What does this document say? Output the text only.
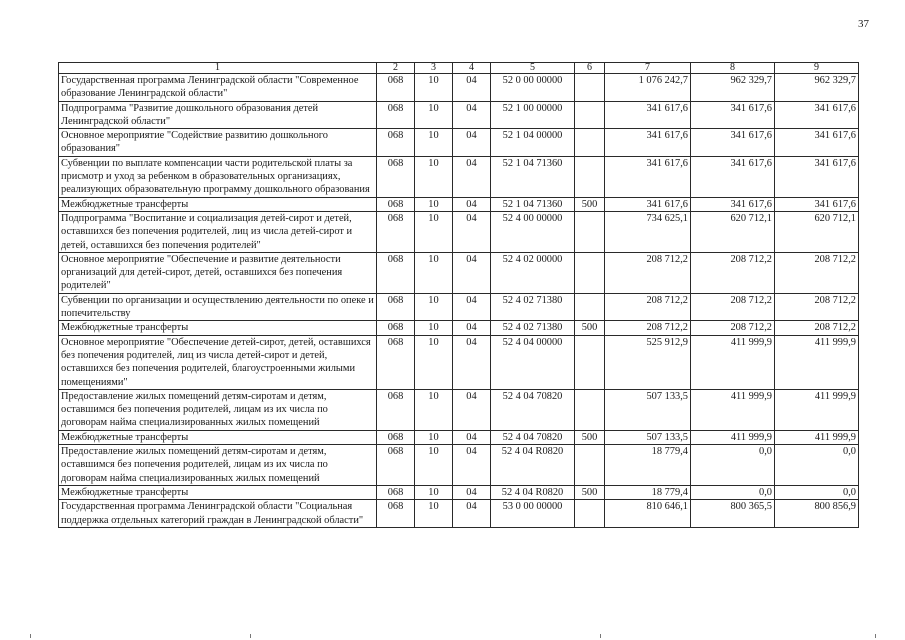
37
1	2	3	4	5	6	7	8	9
Государственная программа Ленинградской области "Современное образование Ленинградской области"	068	10	04	52 0 00 00000		1 076 242,7	962 329,7	962 329,7
Подпрограмма "Развитие дошкольного образования детей Ленинградской области"	068	10	04	52 1 00 00000		341 617,6	341 617,6	341 617,6
Основное мероприятие "Содействие развитию дошкольного образования"	068	10	04	52 1 04 00000		341 617,6	341 617,6	341 617,6
Субвенции по выплате компенсации части родительской платы за присмотр и уход за ребенком в образовательных организациях, реализующих образовательную программу дошкольного образования	068	10	04	52 1 04 71360		341 617,6	341 617,6	341 617,6
Межбюджетные трансферты	068	10	04	52 1 04 71360	500	341 617,6	341 617,6	341 617,6
Подпрограмма "Воспитание и социализация детей-сирот и детей, оставшихся без попечения родителей, лиц из числа детей-сирот и детей, оставшихся без попечения родителей"	068	10	04	52 4 00 00000		734 625,1	620 712,1	620 712,1
Основное мероприятие "Обеспечение и развитие деятельности организаций для детей-сирот, детей, оставшихся без попечения родителей"	068	10	04	52 4 02 00000		208 712,2	208 712,2	208 712,2
Субвенции по организации и осуществлению деятельности по опеке и попечительству	068	10	04	52 4 02 71380		208 712,2	208 712,2	208 712,2
Межбюджетные трансферты	068	10	04	52 4 02 71380	500	208 712,2	208 712,2	208 712,2
Основное мероприятие "Обеспечение детей-сирот, детей, оставшихся без попечения родителей, лиц из числа детей-сирот и детей, оставшихся без попечения родителей, благоустроенными жилыми помещениями"	068	10	04	52 4 04 00000		525 912,9	411 999,9	411 999,9
Предоставление жилых помещений детям-сиротам и детям, оставшимся без попечения родителей, лицам из их числа по договорам найма специализированных жилых помещений	068	10	04	52 4 04 70820		507 133,5	411 999,9	411 999,9
Межбюджетные трансферты	068	10	04	52 4 04 70820	500	507 133,5	411 999,9	411 999,9
Предоставление жилых помещений детям-сиротам и детям, оставшимся без попечения родителей, лицам из их числа по договорам найма специализированных жилых помещений	068	10	04	52 4 04 R0820		18 779,4	0,0	0,0
Межбюджетные трансферты	068	10	04	52 4 04 R0820	500	18 779,4	0,0	0,0
Государственная программа Ленинградской области "Социальная поддержка отдельных категорий граждан в Ленинградской области"	068	10	04	53 0 00 00000		810 646,1	800 365,5	800 856,9
